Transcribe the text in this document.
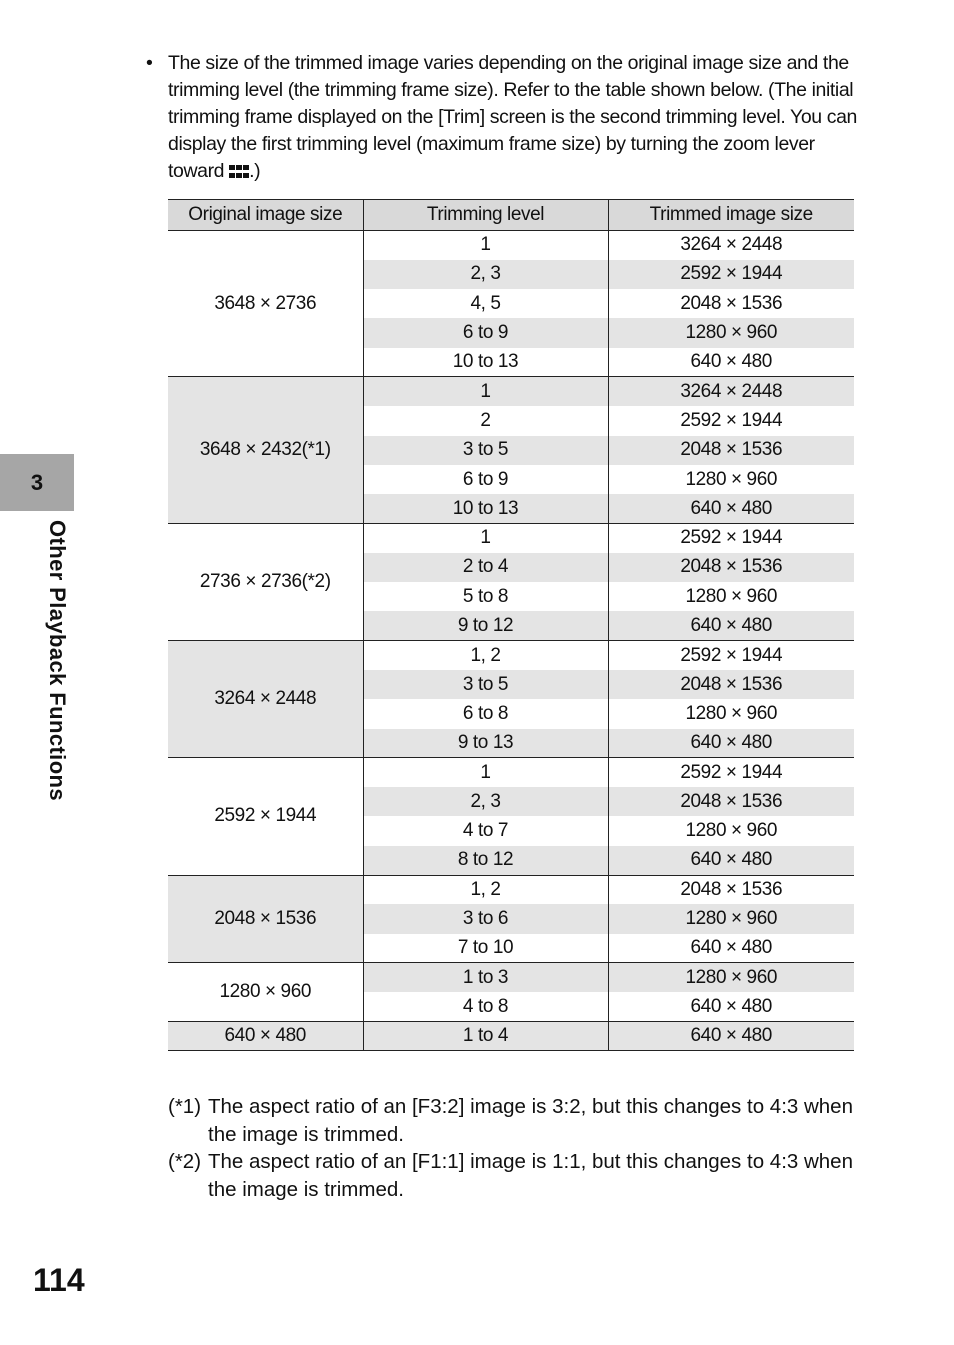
• The size of the trimmed image varies depending on the original image size and the trimming level (the trimming frame size). Refer to the table shown below. (The initial trimming frame displayed on the [Trim] screen is the second trimming level. You can display the first trimming level (maximum frame size) by turning the zoom lever toward .)
Original image size	Trimming level	Trimmed image size
3648 × 2736	1	3264 × 2448
	2, 3	2592 × 1944
	4, 5	2048 × 1536
	6 to 9	1280 × 960
	10 to 13	640 × 480
3648 × 2432(*1)	1	3264 × 2448
	2	2592 × 1944
	3 to 5	2048 × 1536
	6 to 9	1280 × 960
	10 to 13	640 × 480
2736 × 2736(*2)	1	2592 × 1944
	2 to 4	2048 × 1536
	5 to 8	1280 × 960
	9 to 12	640 × 480
3264 × 2448	1, 2	2592 × 1944
	3 to 5	2048 × 1536
	6 to 8	1280 × 960
	9 to 13	640 × 480
2592 × 1944	1	2592 × 1944
	2, 3	2048 × 1536
	4 to 7	1280 × 960
	8 to 12	640 × 480
2048 × 1536	1, 2	2048 × 1536
	3 to 6	1280 × 960
	7 to 10	640 × 480
1280 × 960	1 to 3	1280 × 960
	4 to 8	640 × 480
640 × 480	1 to 4	640 × 480
(*1) The aspect ratio of an [F3:2] image is 3:2, but this changes to 4:3 when the image is trimmed.
(*2) The aspect ratio of an [F1:1] image is 1:1, but this changes to 4:3 when the image is trimmed.
3
Other Playback Functions
114
